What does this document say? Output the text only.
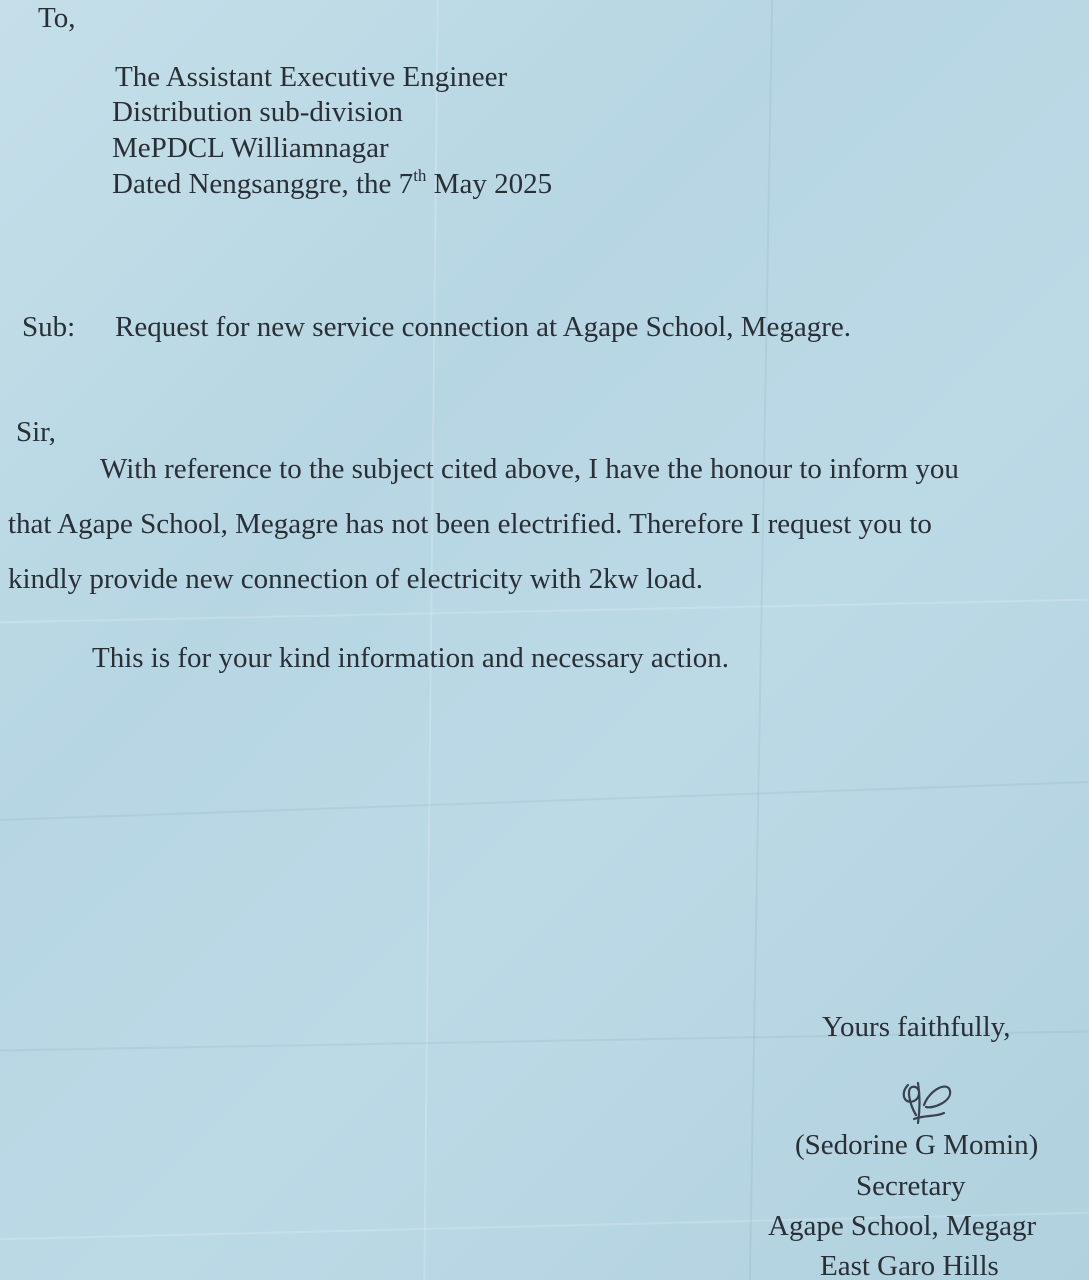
To,
The Assistant Executive Engineer
Distribution sub-division
MePDCL Williamnagar
Dated Nengsanggre, the 7th May 2025
Sub: Request for new service connection at Agape School, Megagre.
Sir,
With reference to the subject cited above, I have the honour to inform you
that Agape School, Megagre has not been electrified. Therefore I request you to
kindly provide new connection of electricity with 2kw load.
This is for your kind information and necessary action.
Yours faithfully,
(Sedorine G Momin)
Secretary
Agape School, Megagr
East Garo Hills
